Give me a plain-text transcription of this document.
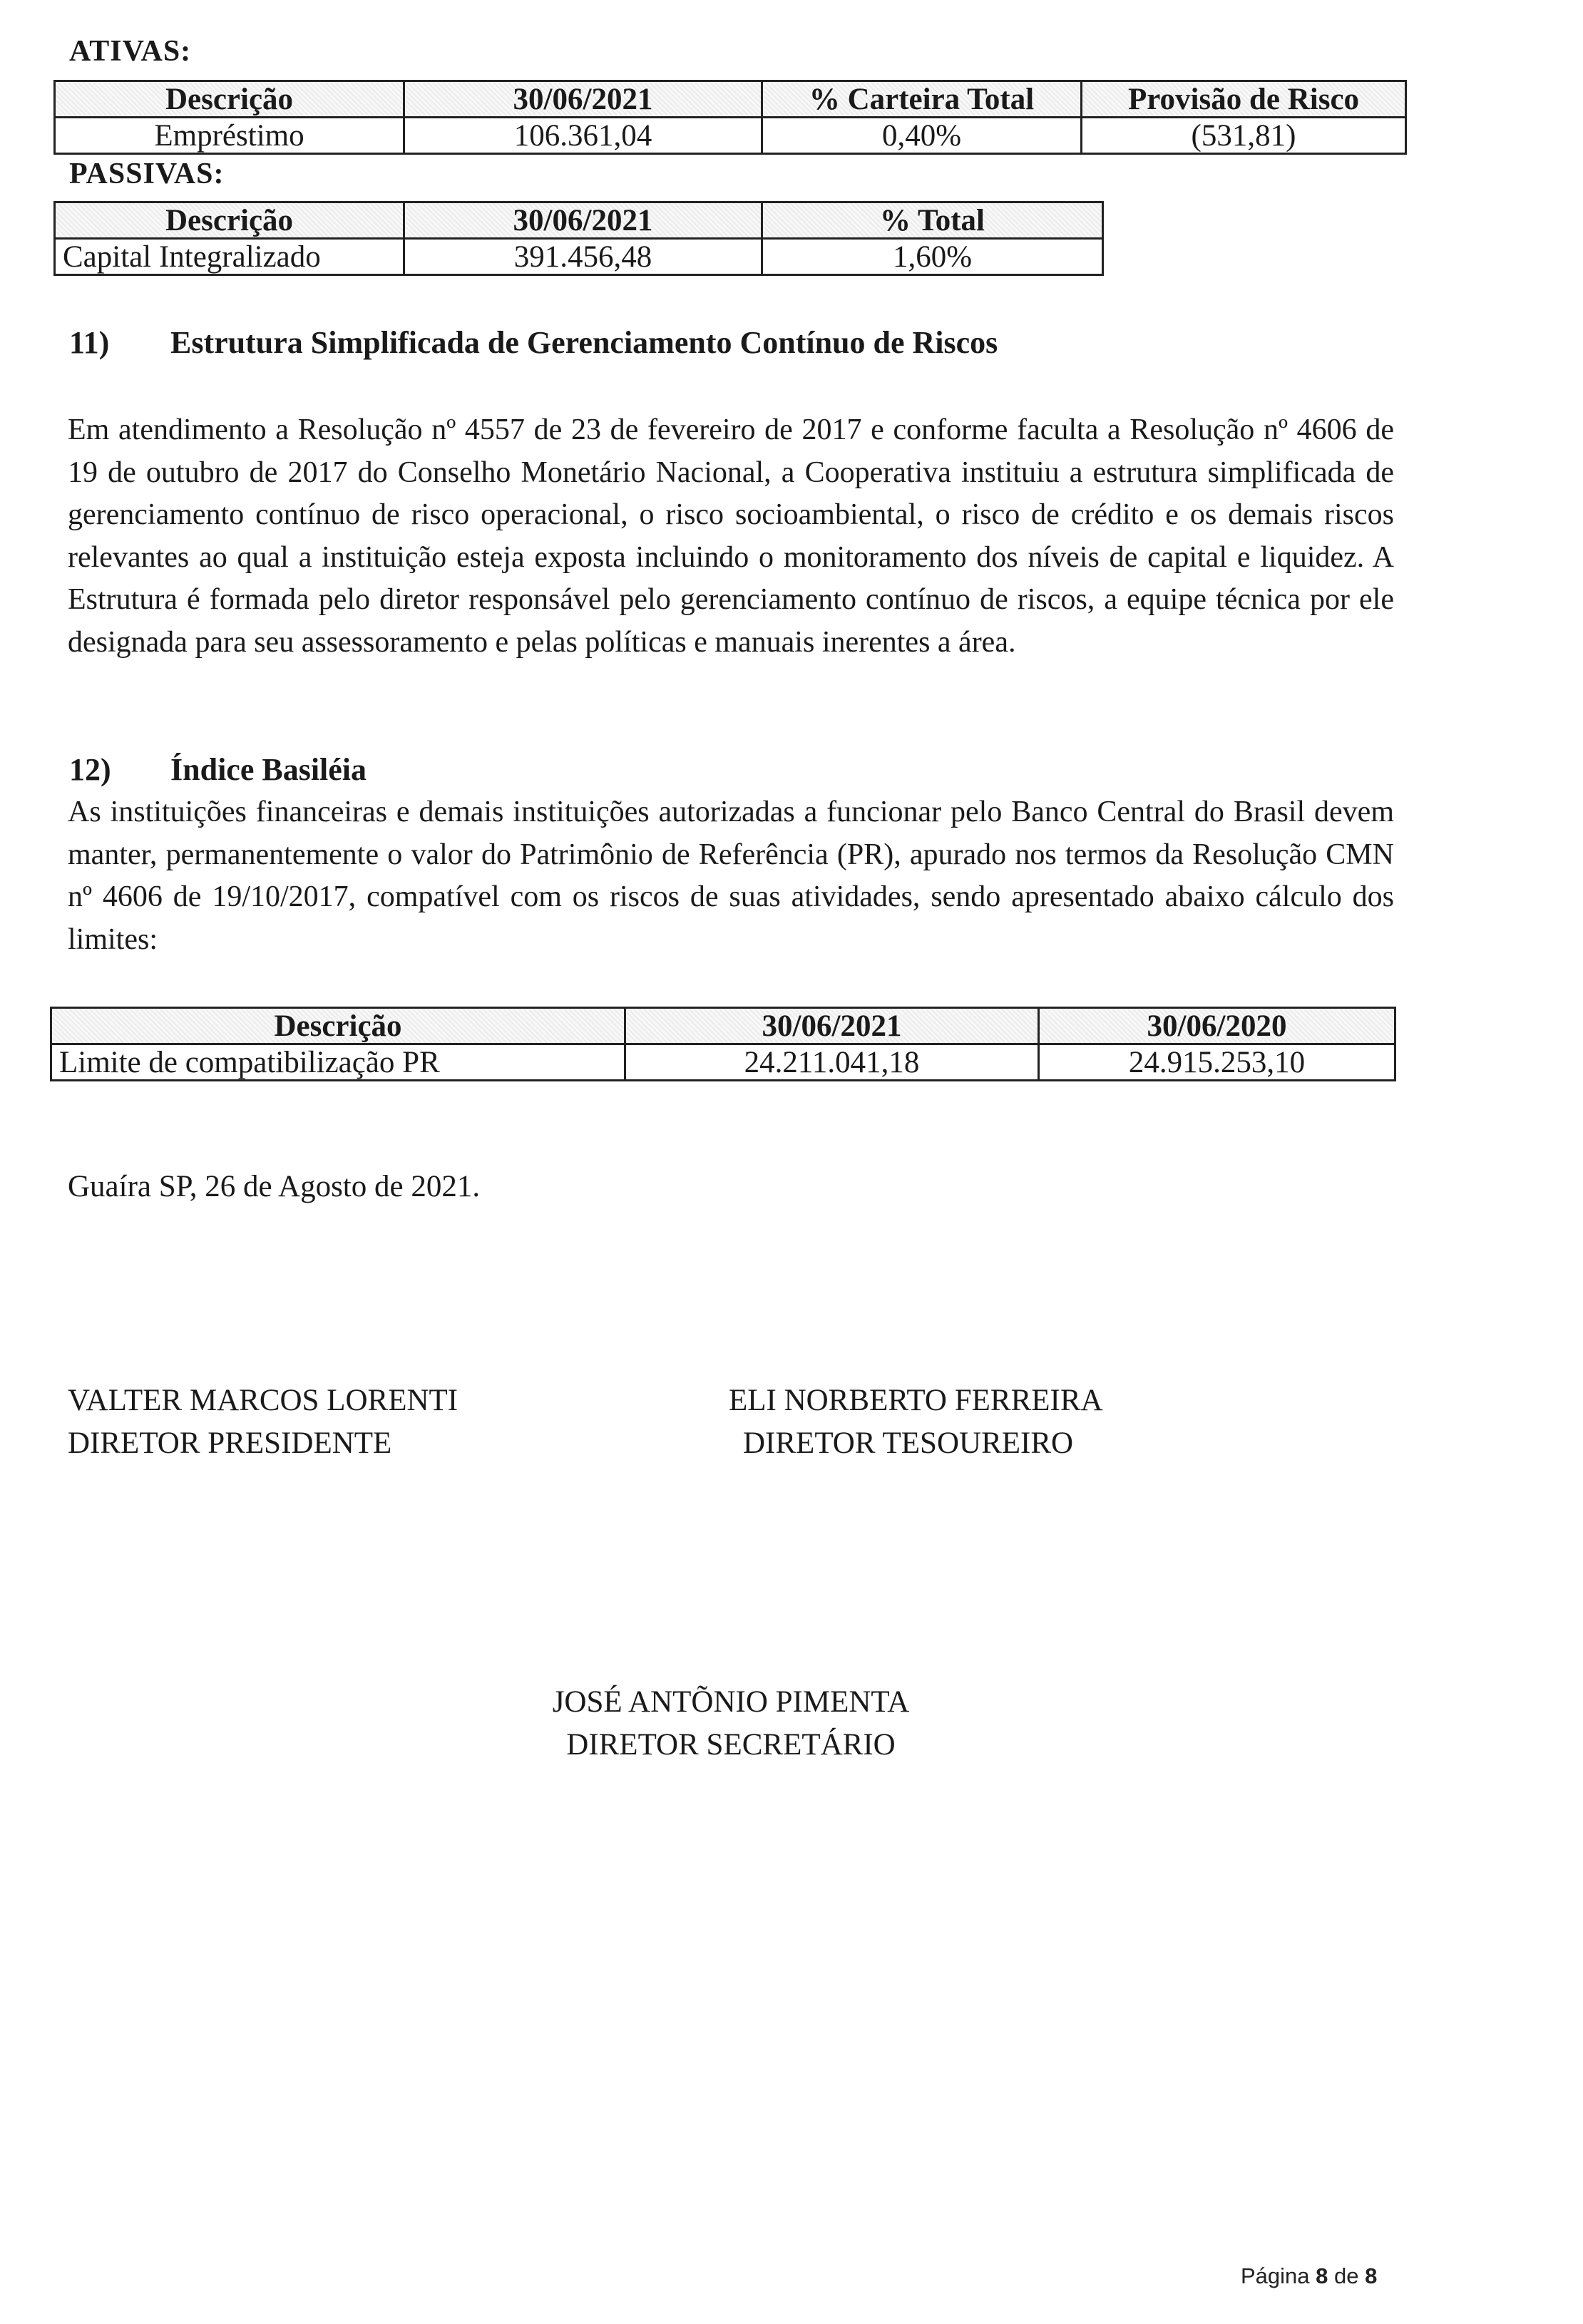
ATIVAS:
Descrição	30/06/2021	% Carteira Total	Provisão de Risco
Empréstimo	106.361,04	0,40%	(531,81)
PASSIVAS:
Descrição	30/06/2021	% Total
Capital Integralizado	391.456,48	1,60%
11) Estrutura Simplificada de Gerenciamento Contínuo de Riscos
Em atendimento a Resolução nº 4557 de 23 de fevereiro de 2017 e conforme faculta a Resolução nº 4606 de 19 de outubro de 2017 do Conselho Monetário Nacional, a Cooperativa instituiu a estrutura simplificada de gerenciamento contínuo de risco operacional, o risco socioambiental, o risco de crédito e os demais riscos relevantes ao qual a instituição esteja exposta incluindo o monitoramento dos níveis de capital e liquidez. A Estrutura é formada pelo diretor responsável pelo gerenciamento contínuo de riscos, a equipe técnica por ele designada para seu assessoramento e pelas políticas e manuais inerentes a área.
12) Índice Basiléia
As instituições financeiras e demais instituições autorizadas a funcionar pelo Banco Central do Brasil devem manter, permanentemente o valor do Patrimônio de Referência (PR), apurado nos termos da Resolução CMN nº 4606 de 19/10/2017, compatível com os riscos de suas atividades, sendo apresentado abaixo cálculo dos limites:
Descrição	30/06/2021	30/06/2020
Limite de compatibilização PR	24.211.041,18	24.915.253,10
Guaíra SP, 26 de Agosto de 2021.
VALTER MARCOS LORENTI
DIRETOR PRESIDENTE
ELI NORBERTO FERREIRA
DIRETOR TESOUREIRO
JOSÉ ANTÕNIO PIMENTA
DIRETOR SECRETÁRIO
Página 8 de 8
